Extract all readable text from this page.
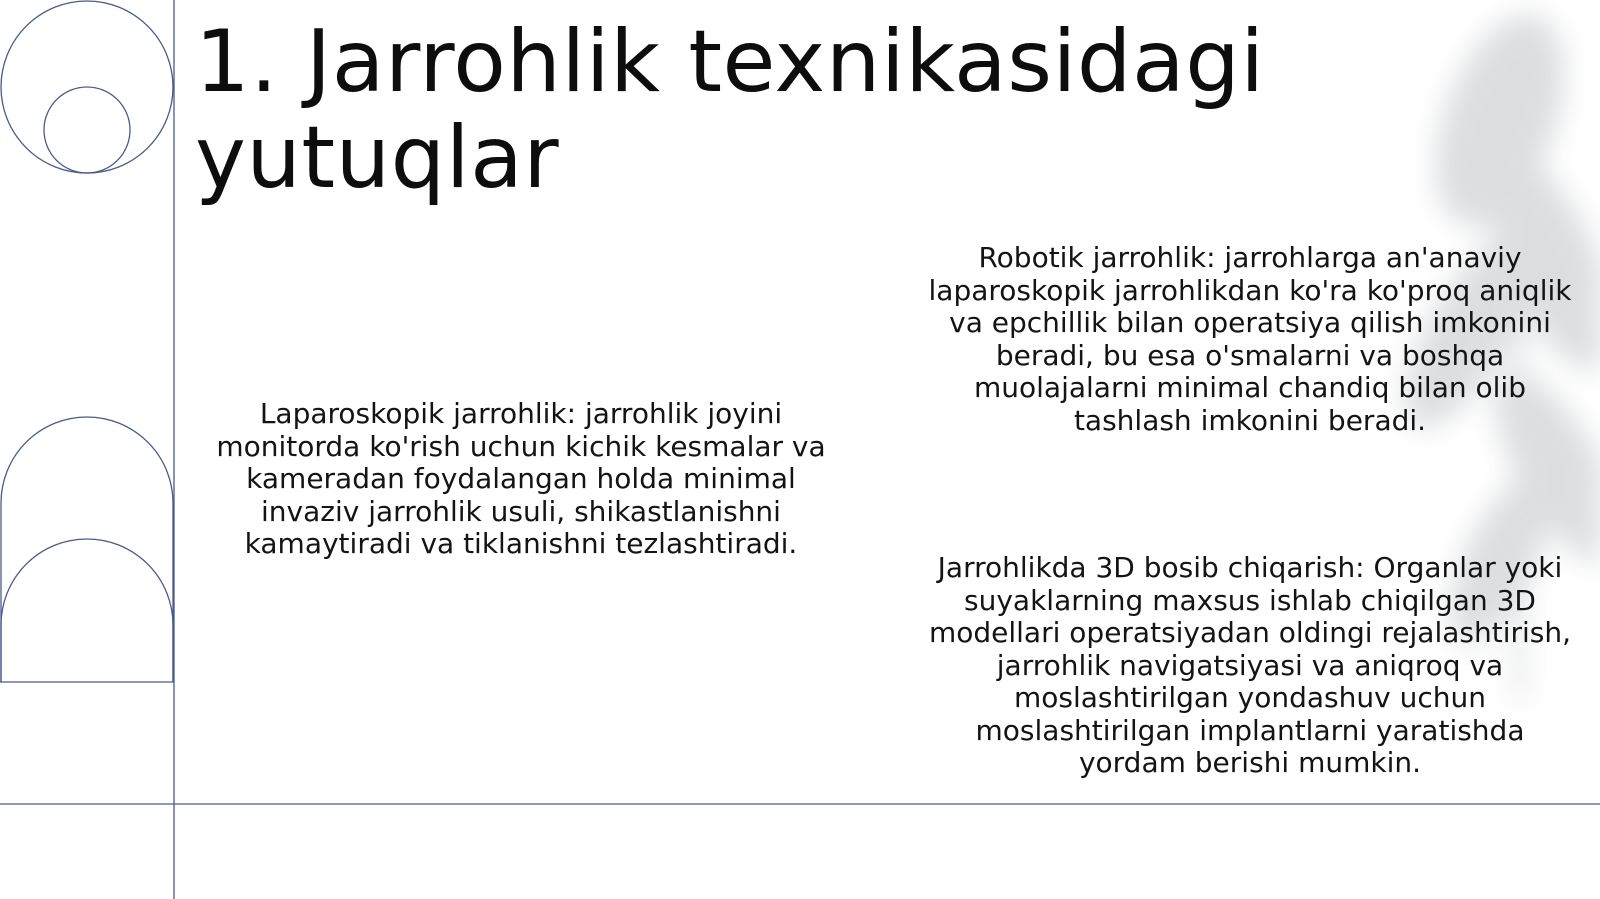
1. Jarrohlik texnikasidagi yutuqlar

Laparoskopik jarrohlik: jarrohlik joyini monitorda ko'rish uchun kichik kesmalar va kameradan foydalangan holda minimal invaziv jarrohlik usuli, shikastlanishni kamaytiradi va tiklanishni tezlashtiradi.

Robotik jarrohlik: jarrohlarga an'anaviy laparoskopik jarrohlikdan ko'ra ko'proq aniqlik va epchillik bilan operatsiya qilish imkonini beradi, bu esa o'smalarni va boshqa muolajalarni minimal chandiq bilan olib tashlash imkonini beradi.

Jarrohlikda 3D bosib chiqarish: Organlar yoki suyaklarning maxsus ishlab chiqilgan 3D modellari operatsiyadan oldingi rejalashtirish, jarrohlik navigatsiyasi va aniqroq va moslashtirilgan yondashuv uchun moslashtirilgan implantlarni yaratishda yordam berishi mumkin.
